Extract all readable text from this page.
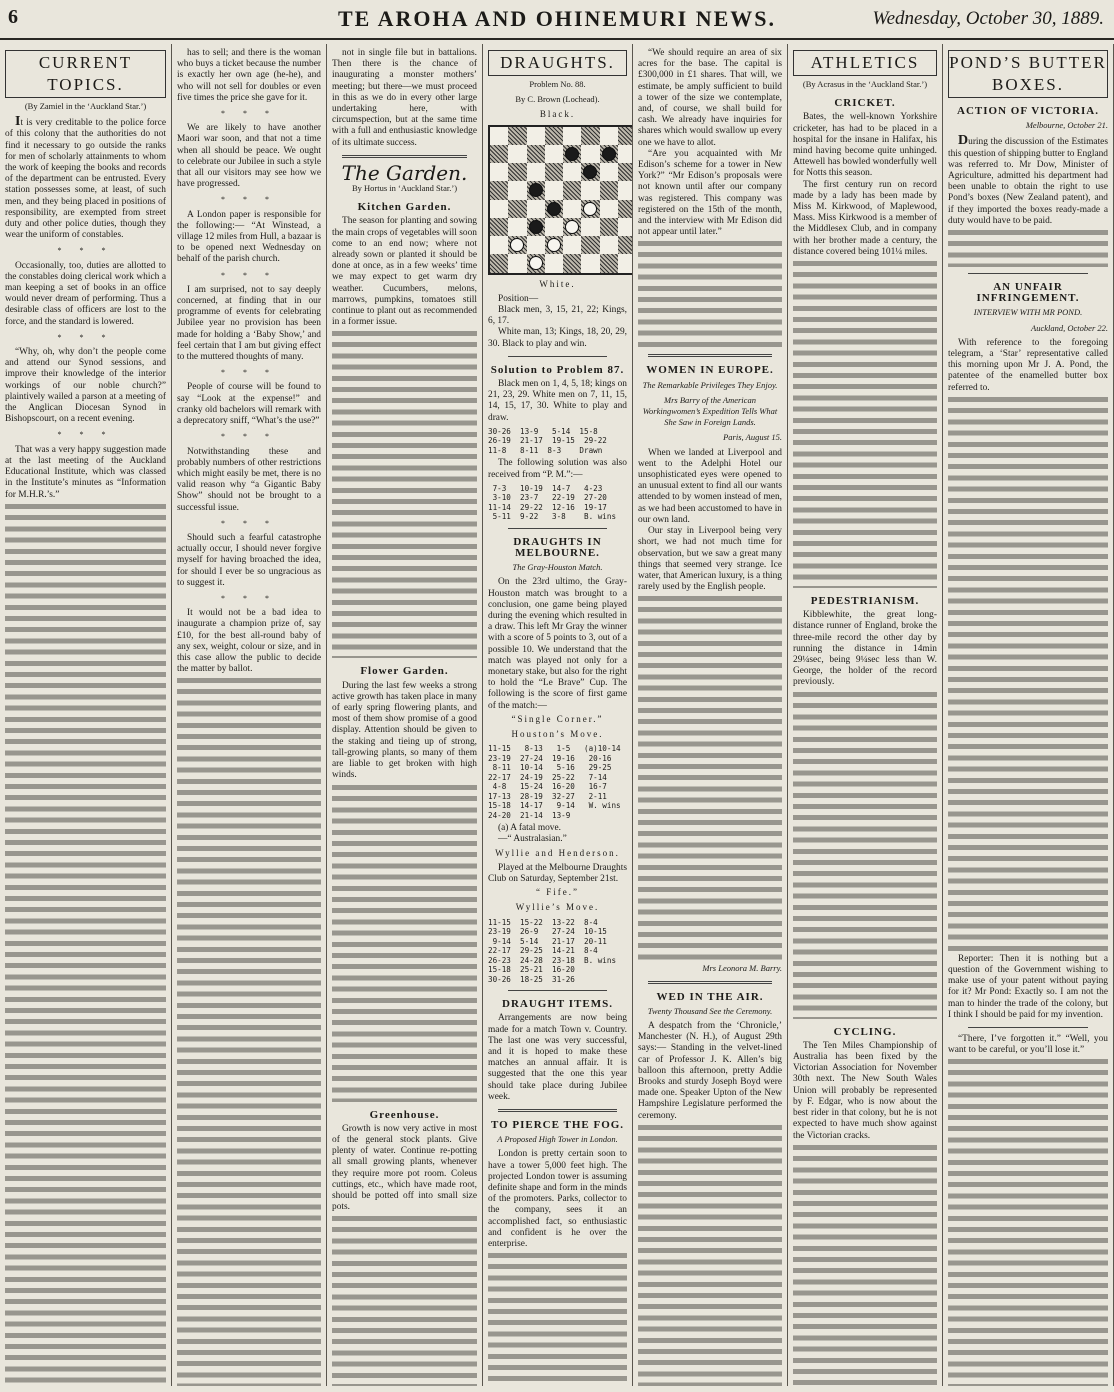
6	TE AROHA AND OHINEMURI NEWS.	Wednesday, October 30, 1889.
CURRENT TOPICS.
(By Zamiel in the ‘Auckland Star.’)

It is very creditable to the police force of this colony that the authorities do not find it necessary to go outside the ranks for men of scholarly attainments to whom the work of keeping the books and records of the department can be entrusted. Every station possesses some, at least, of such men, and they being placed in positions of responsibility, are exempted from street duty and other police duties, though they wear the uniform of constables.

* * *

Occasionally, too, duties are allotted to the constables doing clerical work which a man keeping a set of books in an office would never dream of performing. Thus a desirable class of officers are lost to the force, and the standard is lowered.

* * *

“Why, oh, why don’t the people come and attend our Synod sessions, and improve their knowledge of the interior workings of our noble church?” plaintively wailed a parson at a meeting of the Anglican Diocesan Synod in Bishopscourt, on a recent evening.

* * *

That was a very happy suggestion made at the last meeting of the Auckland Educational Institute, which was classed in the Institute’s minutes as “Information for M.H.R.’s.”

has to sell; and there is the woman who buys a ticket because the number is exactly her own age (he-he), and who will not sell for doubles or even five times the price she gave for it.

* * *

We are likely to have another Maori war soon, and that not a time when all should be peace. We ought to celebrate our Jubilee in such a style that all our visitors may see how we have progressed.

* * *

A London paper is responsible for the following:— “At Winstead, a village 12 miles from Hull, a bazaar is to be opened next Wednesday on behalf of the parish church.

* * *

I am surprised, not to say deeply concerned, at finding that in our programme of events for celebrating Jubilee year no provision has been made for holding a ‘Baby Show,’ and feel certain that I am but giving effect to the muttered thoughts of many.

* * *

People of course will be found to say “Look at the expense!” and cranky old bachelors will remark with a deprecatory sniff, “What’s the use?”

* * *

Notwithstanding these and probably numbers of other restrictions which might easily be met, there is no valid reason why “a Gigantic Baby Show” should not be brought to a successful issue.

* * *

Should such a fearful catastrophe actually occur, I should never forgive myself for having broached the idea, for should I ever be so ungracious as to suggest it.

* * *

It would not be a bad idea to inaugurate a champion prize of, say £10, for the best all-round baby of any sex, weight, colour or size, and in this case allow the public to decide the matter by ballot.

not in single file but in battalions. Then there is the chance of inaugurating a monster mothers’ meeting; but there—we must proceed in this as we do in every other large undertaking here, with circumspection, but at the same time with a full and enthusiastic knowledge of its ultimate success.

The Garden.
By Hortus in ‘Auckland Star.’)
Kitchen Garden.

The season for planting and sowing the main crops of vegetables will soon come to an end now; where not already sown or planted it should be done at once, as in a few weeks’ time we may expect to get warm dry weather. Cucumbers, melons, marrows, pumpkins, tomatoes still continue to plant out as recommended in a former issue.

Flower Garden.

During the last few weeks a strong active growth has taken place in many of early spring flowering plants, and most of them show promise of a good display. Attention should be given to the staking and tieing up of strong, tall-growing plants, so many of them are liable to get broken with high winds.

Greenhouse.

Growth is now very active in most of the general stock plants. Give plenty of water. Continue re-potting all small growing plants, whenever they require more pot room. Coleus cuttings, etc., which have made root, should be potted off into small size pots.

DRAUGHTS.
Problem No. 88.
By C. Brown (Lochead).
Black.
White.

Position—

Black men, 3, 15, 21, 22; Kings, 6, 17.

White man, 13; Kings, 18, 20, 29, 30. Black to play and win.

Solution to Problem 87.

Black men on 1, 4, 5, 18; kings on 21, 23, 29. White men on 7, 11, 15, 14, 15, 17, 30. White to play and draw.

30-26  13-9   5-14  15-8
26-19  21-17  19-15  29-22
11-8   8-11  8-3    Drawn

The following solution was also received from “P. M.”:—

7-3   10-19  14-7   4-23
3-10  23-7   22-19  27-20
11-14  29-22  12-16  19-17
5-11  9-22   3-8    B. wins
DRAUGHTS IN MELBOURNE.
The Gray-Houston Match.

On the 23rd ultimo, the Gray-Houston match was brought to a conclusion, one game being played during the evening which resulted in a draw. This left Mr Gray the winner with a score of 5 points to 3, out of a possible 10. We understand that the match was played not only for a monetary stake, but also for the right to hold the “Le Brave” Cup. The following is the score of first game of the match:—

“Single Corner.”
Houston’s Move.
11-15   8-13   1-5   (a)10-14
23-19  27-24  19-16   20-16
8-11  10-14   5-16   29-25
22-17  24-19  25-22   7-14
4-8   15-24  16-20   16-7
17-13  28-19  32-27   2-11
15-18  14-17   9-14   W. wins
24-20  21-14  13-9

(a) A fatal move.

—“ Australasian.”

Wyllie and Henderson.

Played at the Melbourne Draughts Club on Saturday, September 21st.

“ Fife.”
Wyllie’s Move.
11-15  15-22  13-22  8-4
23-19  26-9   27-24  10-15
9-14  5-14   21-17  20-11
22-17  29-25  14-21  8-4
26-23  24-28  23-18  B. wins
15-18  25-21  16-20
30-26  18-25  31-26
DRAUGHT ITEMS.

Arrangements are now being made for a match Town v. Country. The last one was very successful, and it is hoped to make these matches an annual affair. It is suggested that the one this year should take place during Jubilee week.

TO PIERCE THE FOG.
A Proposed High Tower in London.

London is pretty certain soon to have a tower 5,000 feet high. The projected London tower is assuming definite shape and form in the minds of the promoters. Parks, collector to the company, sees it an accomplished fact, so enthusiastic and confident is he over the enterprise.

“We should require an area of six acres for the base. The capital is £300,000 in £1 shares. That will, we estimate, be amply sufficient to build a tower of the size we contemplate, and, of course, we shall build for cash. We already have inquiries for shares which would swallow up every one we have to allot.

“Are you acquainted with Mr Edison’s scheme for a tower in New York?” “Mr Edison’s proposals were not known until after our company was registered. This company was registered on the 15th of the month, and the interview with Mr Edison did not appear until later.”

WOMEN IN EUROPE.
The Remarkable Privileges They Enjoy.
Mrs Barry of the American Workingwomen’s Expedition Tells What She Saw in Foreign Lands.
Paris, August 15.

When we landed at Liverpool and went to the Adelphi Hotel our unsophisticated eyes were opened to an unusual extent to find all our wants attended to by women instead of men, as we had been accustomed to have in our own land.

Our stay in Liverpool being very short, we had not much time for observation, but we saw a great many things that seemed very strange. Ice water, that American luxury, is a thing rarely used by the English people.

Mrs Leonora M. Barry.
WED IN THE AIR.
Twenty Thousand See the Ceremony.

A despatch from the ‘Chronicle,’ Manchester (N. H.), of August 29th says:— Standing in the velvet-lined car of Professor J. K. Allen’s big balloon this afternoon, pretty Addie Brooks and sturdy Joseph Boyd were made one. Speaker Upton of the New Hampshire Legislature performed the ceremony.

ATHLETICS
(By Acrasus in the ‘Auckland Star.’)
CRICKET.

Bates, the well-known Yorkshire cricketer, has had to be placed in a hospital for the insane in Halifax, his mind having become quite unhinged. Attewell has bowled wonderfully well for Notts this season.

The first century run on record made by a lady has been made by Miss M. Kirkwood, of Maplewood, Mass. Miss Kirkwood is a member of the Middlesex Club, and in company with her brother made a century, the distance covered being 101¼ miles.

PEDESTRIANISM.

Kibblewhite, the great long-distance runner of England, broke the three-mile record the other day by running the distance in 14min 29¼sec, being 9¼sec less than W. George, the holder of the record previously.

CYCLING.

The Ten Miles Championship of Australia has been fixed by the Victorian Association for November 30th next. The New South Wales Union will probably be represented by F. Edgar, who is now about the best rider in that colony, but he is not expected to have much show against the Victorian cracks.

POND’S BUTTER BOXES.
ACTION OF VICTORIA.
Melbourne, October 21.

During the discussion of the Estimates this question of shipping butter to England was referred to. Mr Dow, Minister of Agriculture, admitted his department had been unable to obtain the right to use Pond’s boxes (New Zealand patent), and if they imported the boxes ready-made a duty would have to be paid.

AN UNFAIR INFRINGEMENT.
INTERVIEW WITH MR POND.
Auckland, October 22.

With reference to the foregoing telegram, a ‘Star’ representative called this morning upon Mr J. A. Pond, the patentee of the enamelled butter box referred to.

Reporter: Then it is nothing but a question of the Government wishing to make use of your patent without paying for it? Mr Pond: Exactly so. I am not the man to hinder the trade of the colony, but I think I should be paid for my invention.

“There, I’ve forgotten it.” “Well, you want to be careful, or you’ll lose it.”
